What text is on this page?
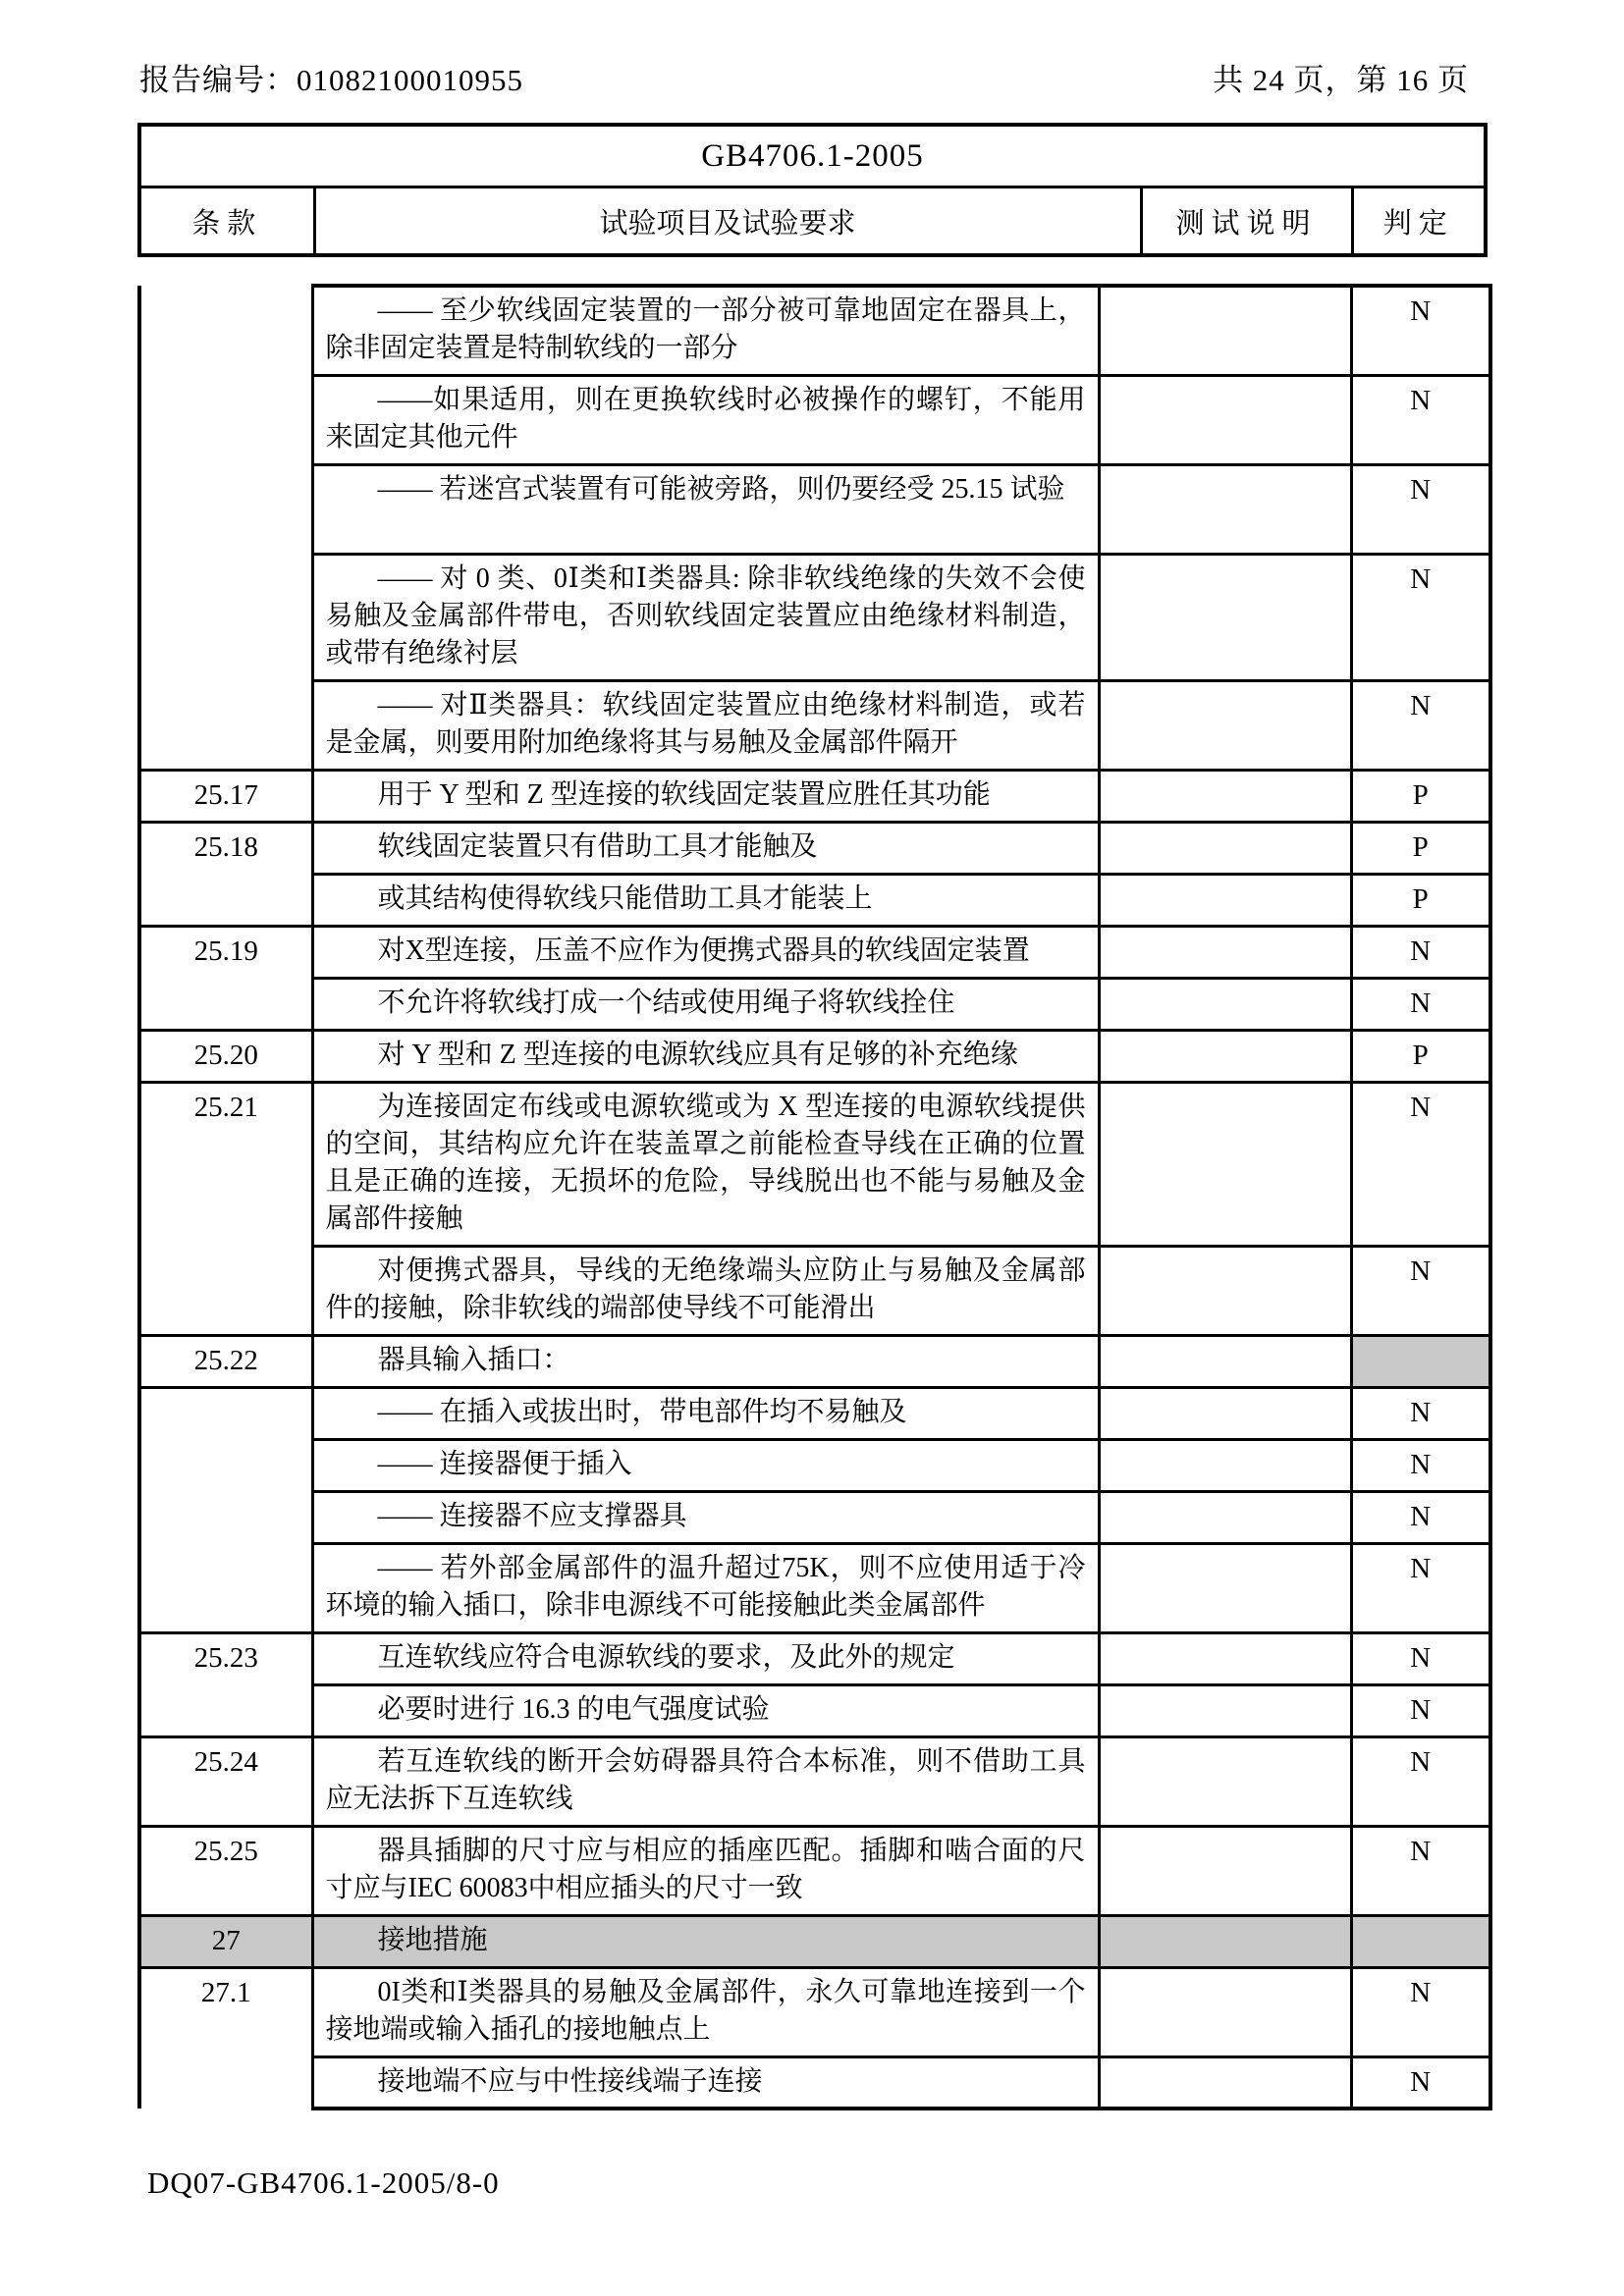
报告编号：01082100010955	共 24 页，第 16 页
GB4706.1-2005
条款	试验项目及试验要求	测试说明	判定
	—— 至少软线固定装置的一部分被可靠地固定在器具上，除非固定装置是特制软线的一部分		N
	——如果适用，则在更换软线时必被操作的螺钉，不能用来固定其他元件		N
	—— 若迷宫式装置有可能被旁路，则仍要经受 25.15 试验		N
	—— 对 0 类、0Ⅰ类和Ⅰ类器具: 除非软线绝缘的失效不会使易触及金属部件带电，否则软线固定装置应由绝缘材料制造，或带有绝缘衬层		N
	—— 对Ⅱ类器具：软线固定装置应由绝缘材料制造，或若是金属，则要用附加绝缘将其与易触及金属部件隔开		N
25.17	用于 Y 型和 Z 型连接的软线固定装置应胜任其功能		P
25.18	软线固定装置只有借助工具才能触及		P
	或其结构使得软线只能借助工具才能装上		P
25.19	对X型连接，压盖不应作为便携式器具的软线固定装置		N
	不允许将软线打成一个结或使用绳子将软线拴住		N
25.20	对 Y 型和 Z 型连接的电源软线应具有足够的补充绝缘		P
25.21	为连接固定布线或电源软缆或为 X 型连接的电源软线提供的空间，其结构应允许在装盖罩之前能检查导线在正确的位置且是正确的连接，无损坏的危险，导线脱出也不能与易触及金属部件接触		N
	对便携式器具，导线的无绝缘端头应防止与易触及金属部件的接触，除非软线的端部使导线不可能滑出		N
25.22	器具输入插口：		
	—— 在插入或拔出时，带电部件均不易触及		N
	—— 连接器便于插入		N
	—— 连接器不应支撑器具		N
	—— 若外部金属部件的温升超过75K，则不应使用适于冷环境的输入插口，除非电源线不可能接触此类金属部件		N
25.23	互连软线应符合电源软线的要求，及此外的规定		N
	必要时进行 16.3 的电气强度试验		N
25.24	若互连软线的断开会妨碍器具符合本标准，则不借助工具应无法拆下互连软线		N
25.25	器具插脚的尺寸应与相应的插座匹配。插脚和啮合面的尺寸应与IEC 60083中相应插头的尺寸一致		N
27	接地措施		
27.1	0I类和Ⅰ类器具的易触及金属部件，永久可靠地连接到一个接地端或输入插孔的接地触点上		N
	接地端不应与中性接线端子连接		N
DQ07-GB4706.1-2005/8-0
